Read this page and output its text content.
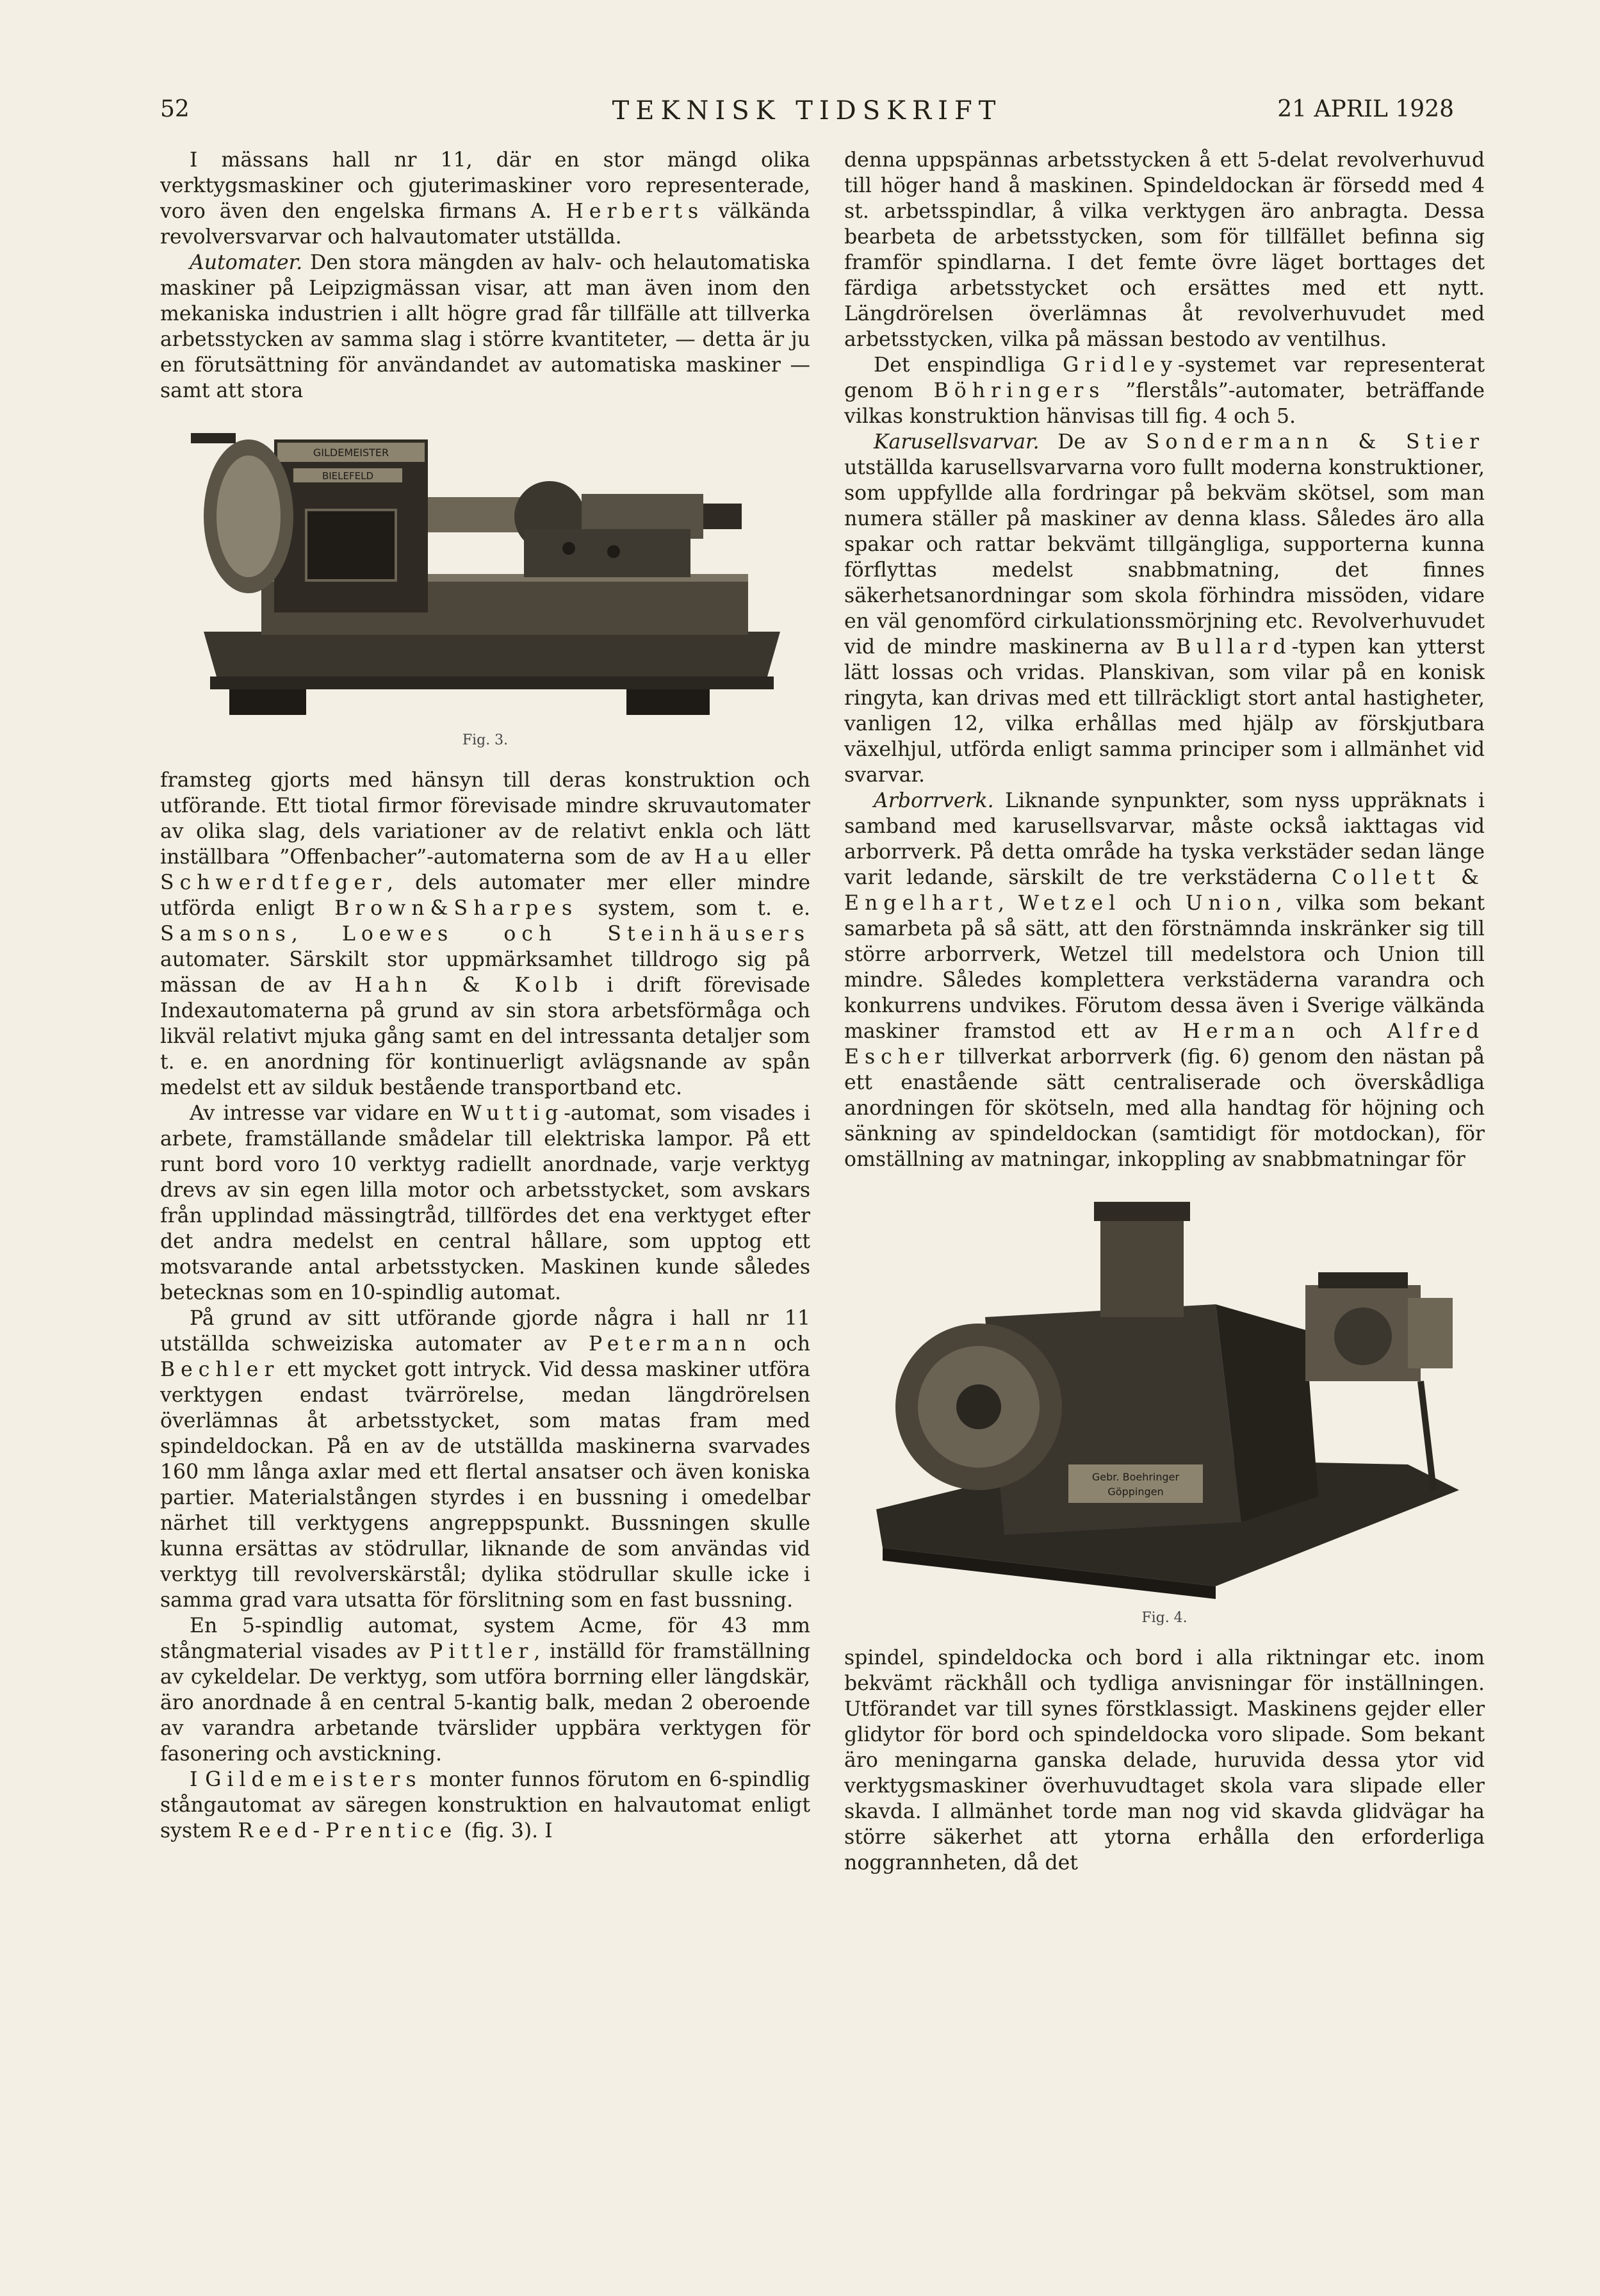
52	TEKNISK TIDSKRIFT	21 APRIL 1928

I mässans hall nr 11, där en stor mängd olika verktygsmaskiner och gjuterimaskiner voro representerade, voro även den engelska firmans A. Herberts välkända revolversvarvar och halvautomater utställda.

Automater. Den stora mängden av halv- och helautomatiska maskiner på Leipzigmässan visar, att man även inom den mekaniska industrien i allt högre grad får tillfälle att tillverka arbetsstycken av samma slag i större kvantiteter, — detta är ju en förutsättning för användandet av automatiska maskiner — samt att stora

GILDEMEISTER
BIELEFELD
Fig. 3.

framsteg gjorts med hänsyn till deras konstruktion och utförande. Ett tiotal firmor förevisade mindre skruvautomater av olika slag, dels variationer av de relativt enkla och lätt inställbara ”Offenbacher”-automaterna som de av Hau eller Schwerdtfeger, dels automater mer eller mindre utförda enligt Brown&Sharpes system, som t. e. Samsons, Loewes och Steinhäusers automater. Särskilt stor uppmärksamhet tilldrogo sig på mässan de av Hahn & Kolb i drift förevisade Indexautomaterna på grund av sin stora arbetsförmåga och likväl relativt mjuka gång samt en del intressanta detaljer som t. e. en anordning för kontinuerligt avlägsnande av spån medelst ett av silduk bestående transportband etc.

Av intresse var vidare en Wuttig-automat, som visades i arbete, framställande smådelar till elektriska lampor. På ett runt bord voro 10 verktyg radiellt anordnade, varje verktyg drevs av sin egen lilla motor och arbetsstycket, som avskars från upplindad mässingtråd, tillfördes det ena verktyget efter det andra medelst en central hållare, som upptog ett motsvarande antal arbetsstycken. Maskinen kunde således betecknas som en 10-spindlig automat.

På grund av sitt utförande gjorde några i hall nr 11 utställda schweiziska automater av Petermann och Bechler ett mycket gott intryck. Vid dessa maskiner utföra verktygen endast tvärrörelse, medan längdrörelsen överlämnas åt arbetsstycket, som matas fram med spindeldockan. På en av de utställda maskinerna svarvades 160 mm långa axlar med ett flertal ansatser och även koniska partier. Materialstången styrdes i en bussning i omedelbar närhet till verktygens angreppspunkt. Bussningen skulle kunna ersättas av stödrullar, liknande de som användas vid verktyg till revolverskärstål; dylika stödrullar skulle icke i samma grad vara utsatta för förslitning som en fast bussning.

En 5-spindlig automat, system Acme, för 43 mm stångmaterial visades av Pittler, inställd för framställning av cykeldelar. De verktyg, som utföra borrning eller längdskär, äro anordnade å en central 5-kantig balk, medan 2 oberoende av varandra arbetande tvärslider uppbära verktygen för fasonering och avstickning.

I Gildemeisters monter funnos förutom en 6-spindlig stångautomat av säregen konstruktion en halvautomat enligt system Reed-Prentice (fig. 3). I

denna uppspännas arbetsstycken å ett 5-delat revolverhuvud till höger hand å maskinen. Spindeldockan är försedd med 4 st. arbetsspindlar, å vilka verktygen äro anbragta. Dessa bearbeta de arbetsstycken, som för tillfället befinna sig framför spindlarna. I det femte övre läget borttages det färdiga arbetsstycket och ersättes med ett nytt. Längdrörelsen överlämnas åt revolverhuvudet med arbetsstycken, vilka på mässan bestodo av ventilhus.

Det enspindliga Gridley-systemet var representerat genom Böhringers ”flerståls”-automater, beträffande vilkas konstruktion hänvisas till fig. 4 och 5.

Karusellsvarvar. De av Sondermann & Stier utställda karusellsvarvarna voro fullt moderna konstruktioner, som uppfyllde alla fordringar på bekväm skötsel, som man numera ställer på maskiner av denna klass. Således äro alla spakar och rattar bekvämt tillgängliga, supporterna kunna förflyttas medelst snabbmatning, det finnes säkerhetsanordningar som skola förhindra missöden, vidare en väl genomförd cirkulationssmörjning etc. Revolverhuvudet vid de mindre maskinerna av Bullard-typen kan ytterst lätt lossas och vridas. Planskivan, som vilar på en konisk ringyta, kan drivas med ett tillräckligt stort antal hastigheter, vanligen 12, vilka erhållas med hjälp av förskjutbara växelhjul, utförda enligt samma principer som i allmänhet vid svarvar.

Arborrverk. Liknande synpunkter, som nyss uppräknats i samband med karusellsvarvar, måste också iakttagas vid arborrverk. På detta område ha tyska verkstäder sedan länge varit ledande, särskilt de tre verkstäderna Collett & Engelhart, Wetzel och Union, vilka som bekant samarbeta på så sätt, att den förstnämnda inskränker sig till större arborrverk, Wetzel till medelstora och Union till mindre. Således kompletterа verkstäderna varandra och konkurrens undvikes. Förutom dessa även i Sverige välkända maskiner framstod ett av Herman och Alfred Escher tillverkat arborrverk (fig. 6) genom den nästan på ett enastående sätt centraliserade och överskådliga anordningen för skötseln, med alla handtag för höjning och sänkning av spindeldockan (samtidigt för motdockan), för omställning av matningar, inkoppling av snabbmatningar för

Gebr. Boehringer
Göppingen
Fig. 4.

spindel, spindeldocka och bord i alla riktningar etc. inom bekvämt räckhåll och tydliga anvisningar för inställningen. Utförandet var till synes förstklassigt. Maskinens gejder eller glidytor för bord och spindeldocka voro slipade. Som bekant äro meningarna ganska delade, huruvida dessa ytor vid verktygsmaskiner överhuvudtaget skola vara slipade eller skavda. I allmänhet torde man nog vid skavda glidvägar ha större säkerhet att ytorna erhålla den erforderliga noggrannheten, då det
